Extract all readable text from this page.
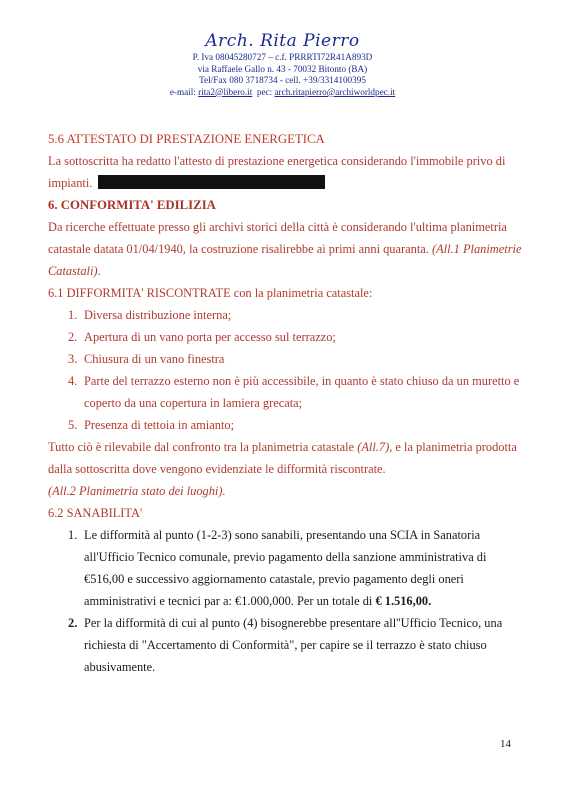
Arch. Rita Pierro
P. Iva 08045280727 – c.f. PRRRTI72R41A893D
via Raffaele Gallo n. 43 - 70032 Bitonto (BA)
Tel/Fax 080 3718734 - cell. +39/3314100395
e-mail: rita2@libero.it pec: arch.ritapierro@archiworldpec.it

5.6 ATTESTATO DI PRESTAZIONE ENERGETICA

La sottoscritta ha redatto l'attesto di prestazione energetica considerando l'immobile privo di impianti.

6. CONFORMITA' EDILIZIA

Da ricerche effettuate presso gli archivi storici della città è considerando l'ultima planimetria catastale datata 01/04/1940, la costruzione risalirebbe ai primi anni quaranta. (All.1 Planimetrie Catastali).

6.1 DIFFORMITA' RISCONTRATE con la planimetria catastale:

1. Diversa distribuzione interna;
2. Apertura di un vano porta per accesso sul terrazzo;
3. Chiusura di un vano finestra
4. Parte del terrazzo esterno non è più accessibile, in quanto è stato chiuso da un muretto e coperto da una copertura in lamiera grecata;
5. Presenza di tettoia in amianto;

Tutto ciò è rilevabile dal confronto tra la planimetria catastale (All.7), e la planimetria prodotta dalla sottoscritta dove vengono evidenziate le difformità riscontrate.

(All.2 Planimetria stato dei luoghi).

6.2 SANABILITA'

1. Le difformità al punto (1-2-3) sono sanabili, presentando una SCIA in Sanatoria all'Ufficio Tecnico comunale, previo pagamento della sanzione amministrativa di €516,00 e successivo aggiornamento catastale, previo pagamento degli oneri amministrativi e tecnici par a: €1.000,000. Per un totale di € 1.516,00.
2. Per la difformità di cui al punto (4) bisognerebbe presentare all''Ufficio Tecnico, una richiesta di "Accertamento di Conformità", per capire se il terrazzo è stato chiuso abusivamente.
14
